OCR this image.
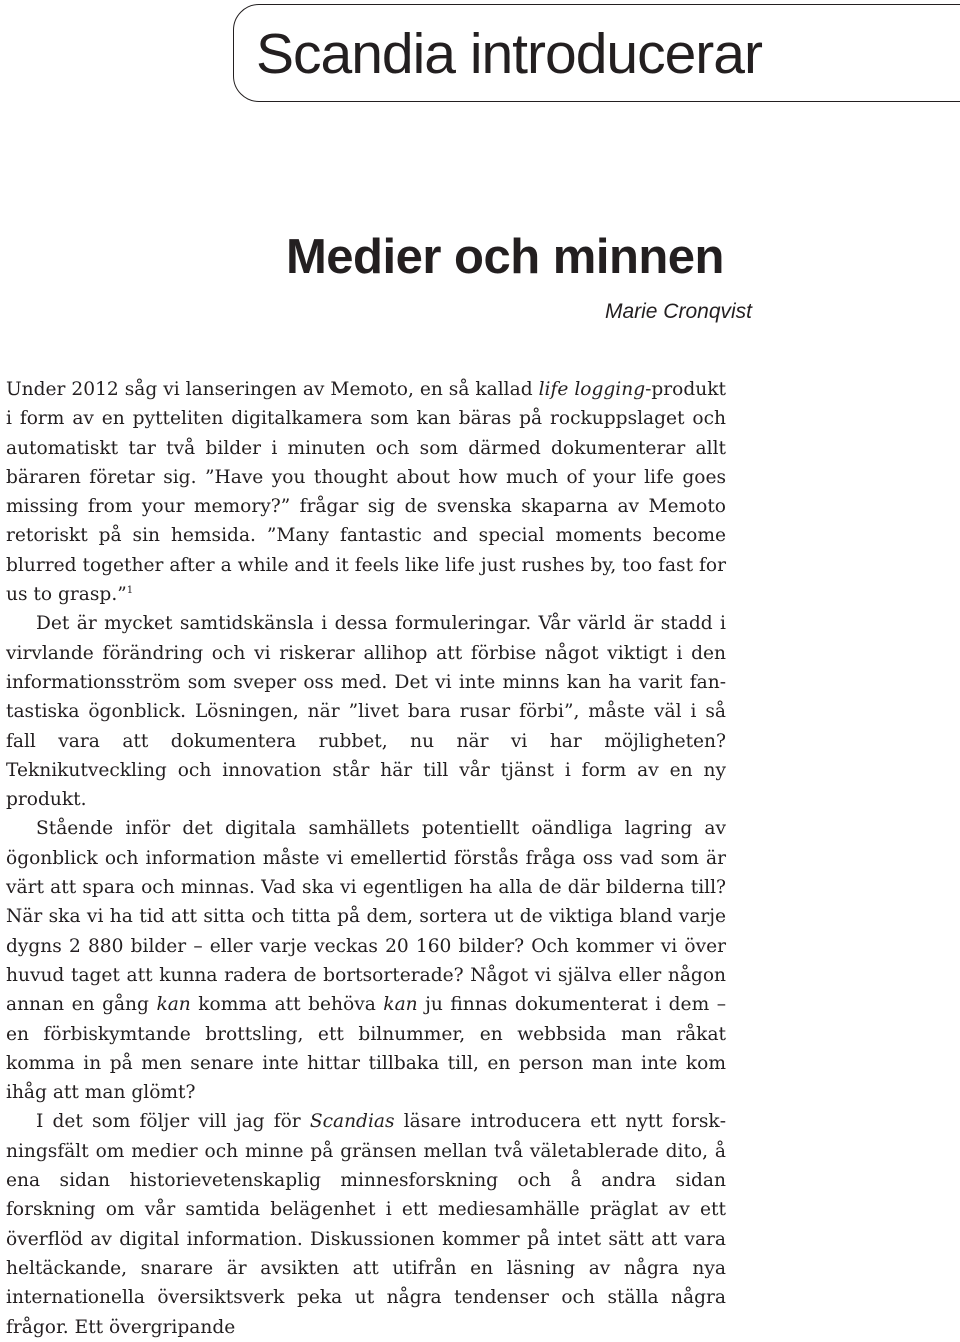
Scandia introducerar
Medier och minnen
Marie Cronqvist

Under 2012 såg vi lanseringen av Memoto, en så kallad life logging-produkt i form av en pytteliten digitalkamera som kan bäras på rockuppslaget och automatiskt tar två bilder i minuten och som därmed dokumenterar allt bäraren företar sig. ”Have you thought about how much of your life goes missing from your memory?” frågar sig de svenska skaparna av Memoto retoriskt på sin hemsida. ”Many fantastic and special moments become blurred together after a while and it feels like life just rushes by, too fast for us to grasp.”$^1$

Det är mycket samtidskänsla i dessa formuleringar. Vår värld är stadd i virvlande förändring och vi riskerar allihop att förbise något viktigt i den informationsström som sveper oss med. Det vi inte minns kan ha varit fantastiska ögonblick. Lösningen, när ”livet bara rusar förbi”, måste väl i så fall vara att dokumentera rubbet, nu när vi har möjligheten? Teknikutveckling och innovation står här till vår tjänst i form av en ny produkt.

Stående inför det digitala samhällets potentiellt oändliga lagring av ögonblick och information måste vi emellertid förstås fråga oss vad som är värt att spara och minnas. Vad ska vi egentligen ha alla de där bilderna till? När ska vi ha tid att sitta och titta på dem, sortera ut de viktiga bland varje dygns 2 880 bilder – eller varje veckas 20 160 bilder? Och kommer vi över huvud taget att kunna radera de bortsorterade? Något vi själva eller någon annan en gång kan komma att behöva kan ju finnas dokumenterat i dem – en förbiskymtande brottsling, ett bilnummer, en webbsida man råkat komma in på men senare inte hittar tillbaka till, en person man inte kom ihåg att man glömt?

I det som följer vill jag för Scandias läsare introducera ett nytt forskningsfält om medier och minne på gränsen mellan två väletablerade dito, å ena sidan historievetenskaplig minnesforskning och å andra sidan forskning om vår samtida belägenhet i ett mediesamhälle präglat av ett överflöd av digital information. Diskussionen kommer på intet sätt att vara heltäckande, snarare är avsikten att utifrån en läsning av några nya internationella översiktsverk peka ut några tendenser och ställa några frågor. Ett övergripande
